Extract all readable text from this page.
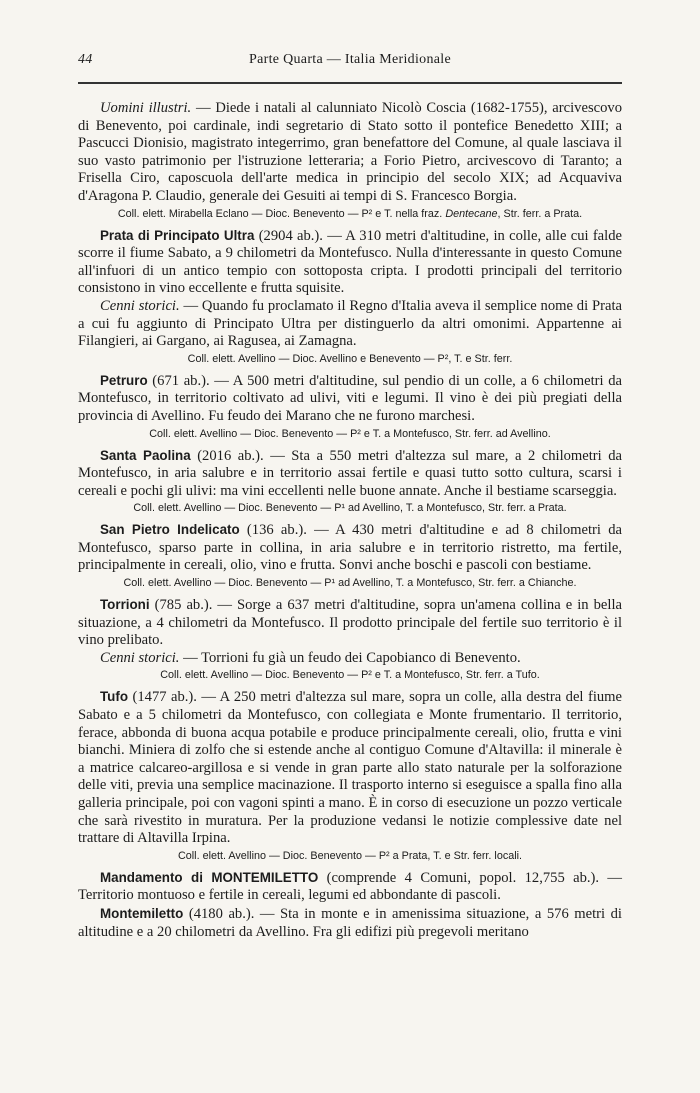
44	Parte Quarta — Italia Meridionale

Uomini illustri. — Diede i natali al calunniato Nicolò Coscia (1682-1755), arcivescovo di Benevento, poi cardinale, indi segretario di Stato sotto il pontefice Benedetto XIII; a Pascucci Dionisio, magistrato integerrimo, gran benefattore del Comune, al quale lasciava il suo vasto patrimonio per l'istruzione letteraria; a Forio Pietro, arcivescovo di Taranto; a Frisella Ciro, caposcuola dell'arte medica in principio del secolo XIX; ad Acquaviva d'Aragona P. Claudio, generale dei Gesuiti ai tempi di S. Francesco Borgia.

Coll. elett. Mirabella Eclano — Dioc. Benevento — P² e T. nella fraz. Dentecane, Str. ferr. a Prata.

Prata di Principato Ultra (2904 ab.). — A 310 metri d'altitudine, in colle, alle cui falde scorre il fiume Sabato, a 9 chilometri da Montefusco. Nulla d'interessante in questo Comune all'infuori di un antico tempio con sottoposta cripta. I prodotti principali del territorio consistono in vino eccellente e frutta squisite.

Cenni storici. — Quando fu proclamato il Regno d'Italia aveva il semplice nome di Prata a cui fu aggiunto di Principato Ultra per distinguerlo da altri omonimi. Appartenne ai Filangieri, ai Gargano, ai Ragusea, ai Zamagna.

Coll. elett. Avellino — Dioc. Avellino e Benevento — P², T. e Str. ferr.

Petruro (671 ab.). — A 500 metri d'altitudine, sul pendio di un colle, a 6 chilometri da Montefusco, in territorio coltivato ad ulivi, viti e legumi. Il vino è dei più pregiati della provincia di Avellino. Fu feudo dei Marano che ne furono marchesi.

Coll. elett. Avellino — Dioc. Benevento — P² e T. a Montefusco, Str. ferr. ad Avellino.

Santa Paolina (2016 ab.). — Sta a 550 metri d'altezza sul mare, a 2 chilometri da Montefusco, in aria salubre e in territorio assai fertile e quasi tutto sotto cultura, scarsi i cereali e pochi gli ulivi: ma vini eccellenti nelle buone annate. Anche il bestiame scarseggia.

Coll. elett. Avellino — Dioc. Benevento — P¹ ad Avellino, T. a Montefusco, Str. ferr. a Prata.

San Pietro Indelicato (136 ab.). — A 430 metri d'altitudine e ad 8 chilometri da Montefusco, sparso parte in collina, in aria salubre e in territorio ristretto, ma fertile, principalmente in cereali, olio, vino e frutta. Sonvi anche boschi e pascoli con bestiame.

Coll. elett. Avellino — Dioc. Benevento — P¹ ad Avellino, T. a Montefusco, Str. ferr. a Chianche.

Torrioni (785 ab.). — Sorge a 637 metri d'altitudine, sopra un'amena collina e in bella situazione, a 4 chilometri da Montefusco. Il prodotto principale del fertile suo territorio è il vino prelibato.

Cenni storici. — Torrioni fu già un feudo dei Capobianco di Benevento.

Coll. elett. Avellino — Dioc. Benevento — P² e T. a Montefusco, Str. ferr. a Tufo.

Tufo (1477 ab.). — A 250 metri d'altezza sul mare, sopra un colle, alla destra del fiume Sabato e a 5 chilometri da Montefusco, con collegiata e Monte frumentario. Il territorio, ferace, abbonda di buona acqua potabile e produce principalmente cereali, olio, frutta e vini bianchi. Miniera di zolfo che si estende anche al contiguo Comune d'Altavilla: il minerale è a matrice calcareo-argillosa e si vende in gran parte allo stato naturale per la solforazione delle viti, previa una semplice macinazione. Il trasporto interno si eseguisce a spalla fino alla galleria principale, poi con vagoni spinti a mano. È in corso di esecuzione un pozzo verticale che sarà rivestito in muratura. Per la produzione vedansi le notizie complessive date nel trattare di Altavilla Irpina.

Coll. elett. Avellino — Dioc. Benevento — P² a Prata, T. e Str. ferr. locali.

Mandamento di MONTEMILETTO (comprende 4 Comuni, popol. 12,755 ab.). — Territorio montuoso e fertile in cereali, legumi ed abbondante di pascoli.

Montemiletto (4180 ab.). — Sta in monte e in amenissima situazione, a 576 metri di altitudine e a 20 chilometri da Avellino. Fra gli edifizi più pregevoli meritano
